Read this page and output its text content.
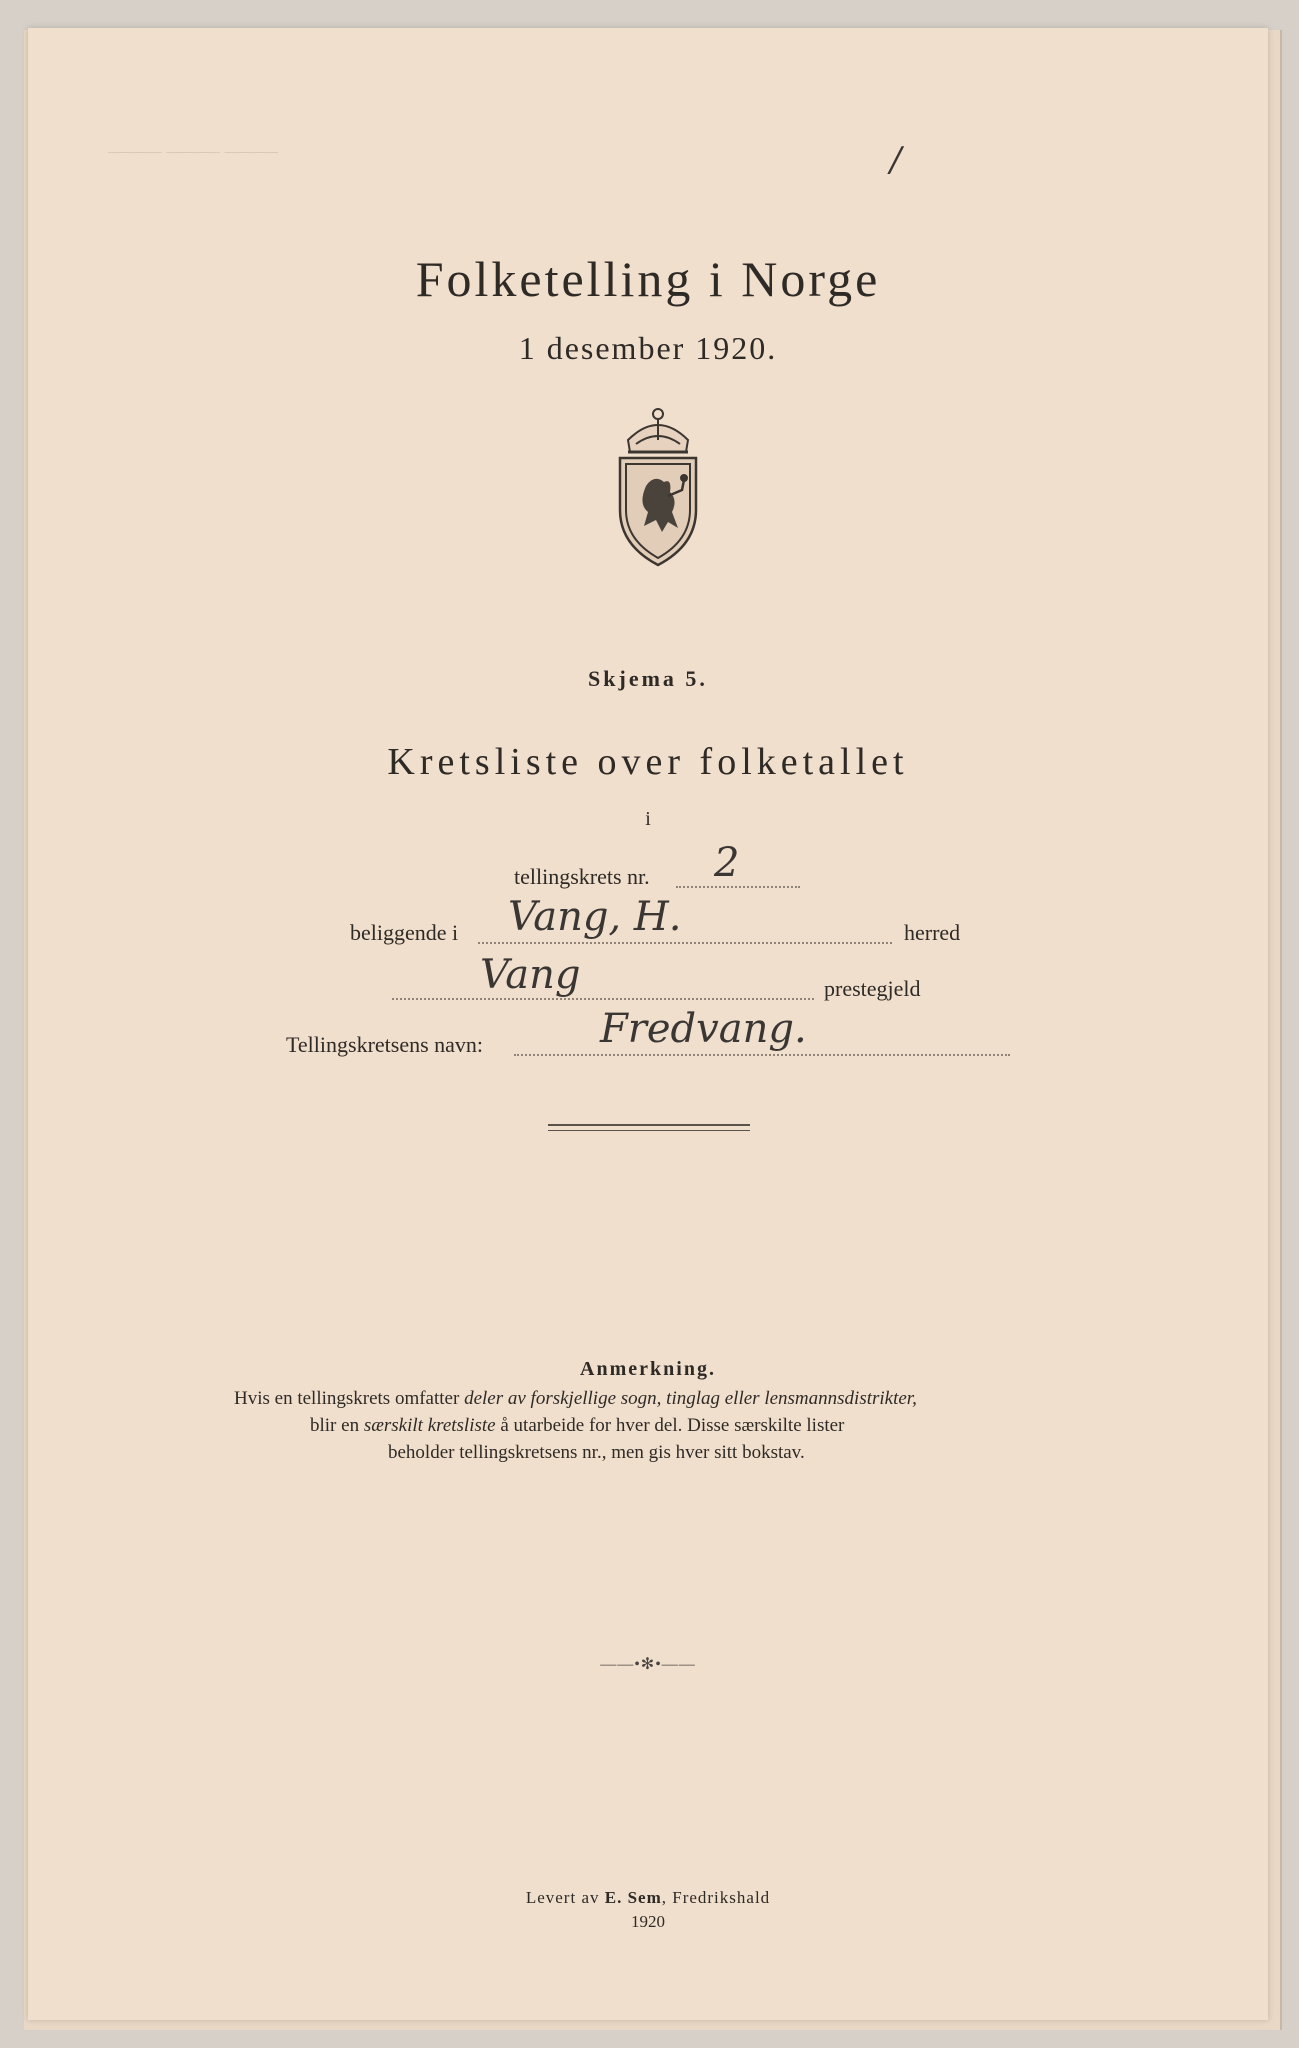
——— ——— ———	/
Folketelling i Norge
1 desember 1920.
Skjema 5.
Kretsliste over folketallet
i
tellingskrets nr. 2
beliggende i Vang, H.	herred
Vang	prestegjeld
Tellingskretsens navn:	Fredvang.
Anmerkning.
Hvis en tellingskrets omfatter deler av forskjellige sogn, tinglag eller lensmannsdistrikter,
blir en særskilt kretsliste å utarbeide for hver del. Disse særskilte lister
beholder tellingskretsens nr., men gis hver sitt bokstav.
——•✻•——
Levert av E. Sem, Fredrikshald
1920
